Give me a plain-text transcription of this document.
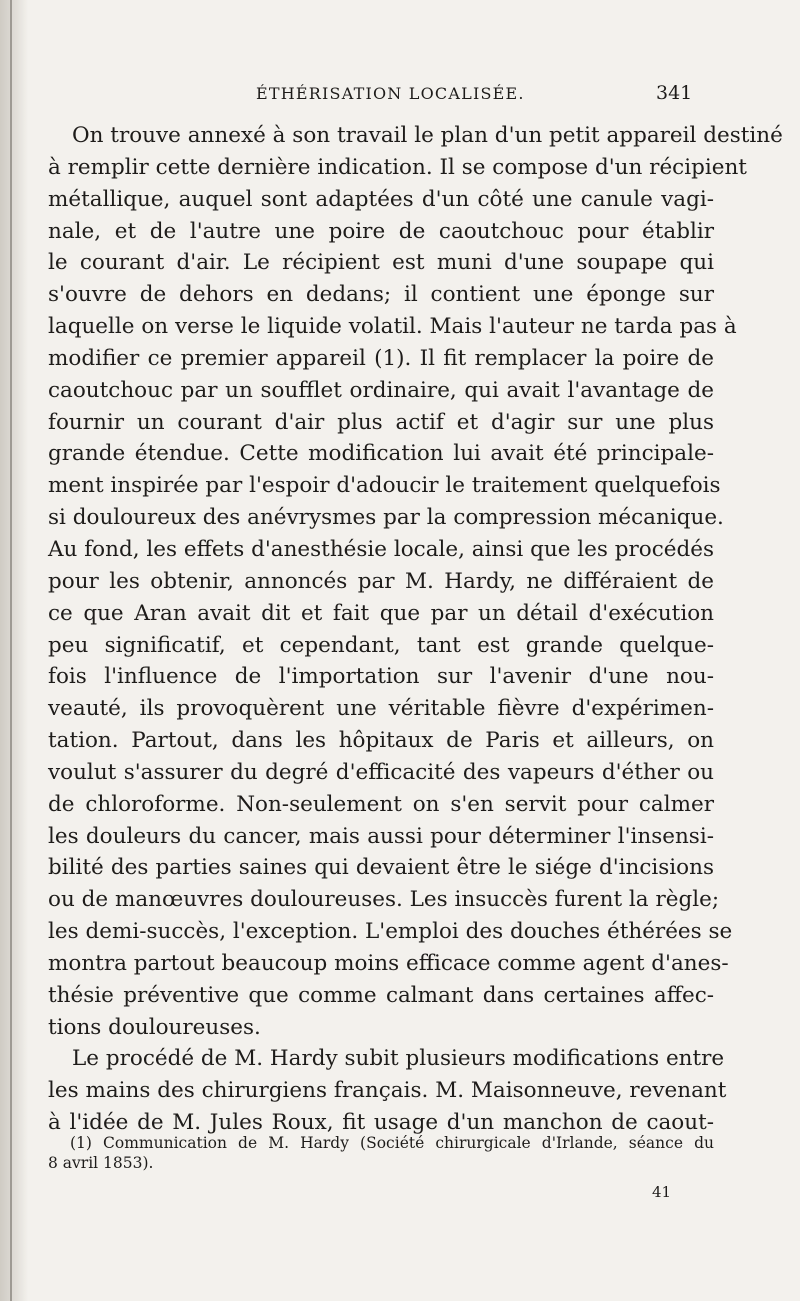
ÉTHÉRISATION LOCALISÉE.	341
On trouve annexé à son travail le plan d'un petit appareil destiné
à remplir cette dernière indication. Il se compose d'un récipient
métallique, auquel sont adaptées d'un côté une canule vagi-
nale, et de l'autre une poire de caoutchouc pour établir
le courant d'air. Le récipient est muni d'une soupape qui
s'ouvre de dehors en dedans; il contient une éponge sur
laquelle on verse le liquide volatil. Mais l'auteur ne tarda pas à
modifier ce premier appareil (1). Il fit remplacer la poire de
caoutchouc par un soufflet ordinaire, qui avait l'avantage de
fournir un courant d'air plus actif et d'agir sur une plus
grande étendue. Cette modification lui avait été principale-
ment inspirée par l'espoir d'adoucir le traitement quelquefois
si douloureux des anévrysmes par la compression mécanique.
Au fond, les effets d'anesthésie locale, ainsi que les procédés
pour les obtenir, annoncés par M. Hardy, ne différaient de
ce que Aran avait dit et fait que par un détail d'exécution
peu significatif, et cependant, tant est grande quelque-
fois l'influence de l'importation sur l'avenir d'une nou-
veauté, ils provoquèrent une véritable fièvre d'expérimen-
tation. Partout, dans les hôpitaux de Paris et ailleurs, on
voulut s'assurer du degré d'efficacité des vapeurs d'éther ou
de chloroforme. Non-seulement on s'en servit pour calmer
les douleurs du cancer, mais aussi pour déterminer l'insensi-
bilité des parties saines qui devaient être le siége d'incisions
ou de manœuvres douloureuses. Les insuccès furent la règle;
les demi-succès, l'exception. L'emploi des douches éthérées se
montra partout beaucoup moins efficace comme agent d'anes-
thésie préventive que comme calmant dans certaines affec-
tions douloureuses.
Le procédé de M. Hardy subit plusieurs modifications entre
les mains des chirurgiens français. M. Maisonneuve, revenant
à l'idée de M. Jules Roux, fit usage d'un manchon de caout-
(1) Communication de M. Hardy (Société chirurgicale d'Irlande, séance du
8 avril 1853).
41
